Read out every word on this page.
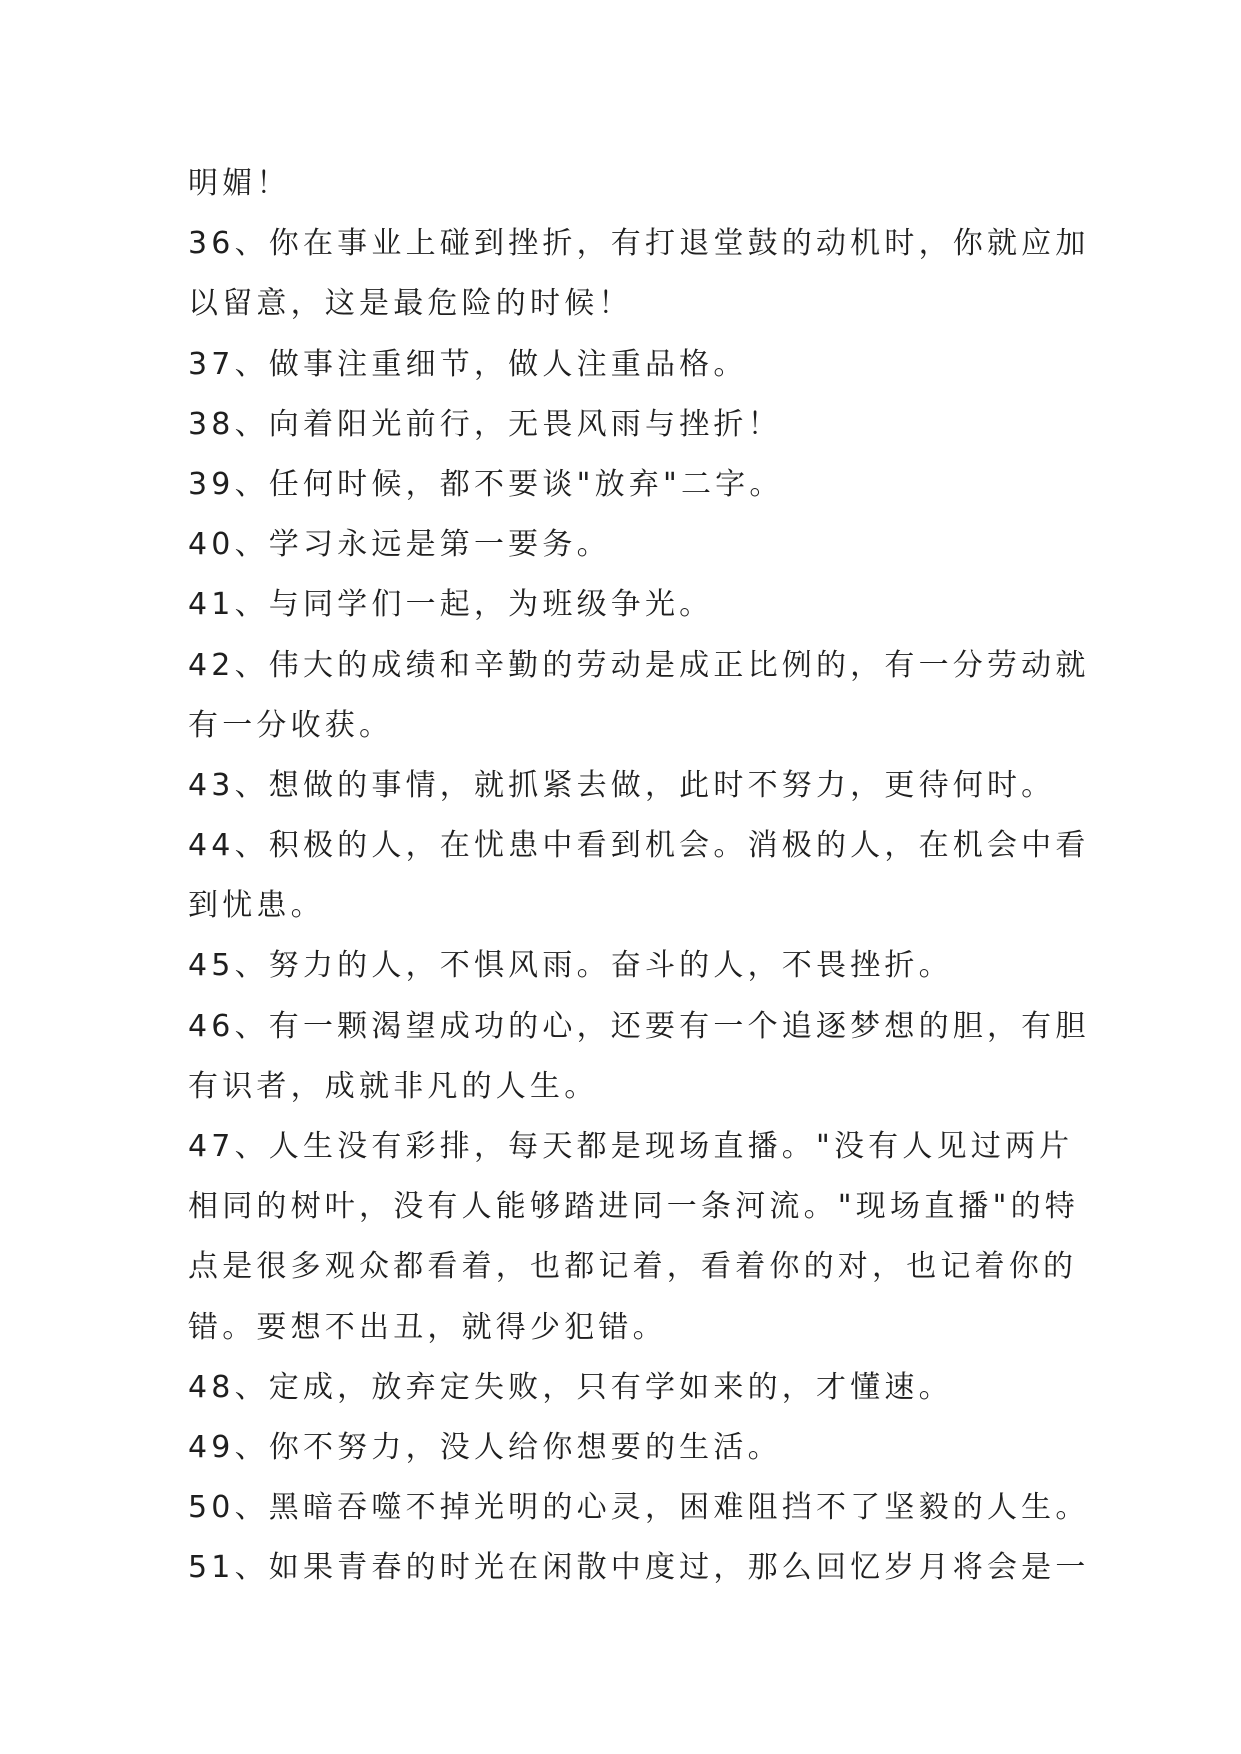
明媚！
36、你在事业上碰到挫折，有打退堂鼓的动机时，你就应加
以留意，这是最危险的时候！
37、做事注重细节，做人注重品格。
38、向着阳光前行，无畏风雨与挫折！
39、任何时候，都不要谈"放弃"二字。
40、学习永远是第一要务。
41、与同学们一起，为班级争光。
42、伟大的成绩和辛勤的劳动是成正比例的，有一分劳动就
有一分收获。
43、想做的事情，就抓紧去做，此时不努力，更待何时。
44、积极的人，在忧患中看到机会。消极的人，在机会中看
到忧患。
45、努力的人，不惧风雨。奋斗的人，不畏挫折。
46、有一颗渴望成功的心，还要有一个追逐梦想的胆，有胆
有识者，成就非凡的人生。
47、人生没有彩排，每天都是现场直播。"没有人见过两片
相同的树叶，没有人能够踏进同一条河流。"现场直播"的特
点是很多观众都看着，也都记着，看着你的对，也记着你的
错。要想不出丑，就得少犯错。
48、定成，放弃定失败，只有学如来的，才懂速。
49、你不努力，没人给你想要的生活。
50、黑暗吞噬不掉光明的心灵，困难阻挡不了坚毅的人生。
51、如果青春的时光在闲散中度过，那么回忆岁月将会是一
